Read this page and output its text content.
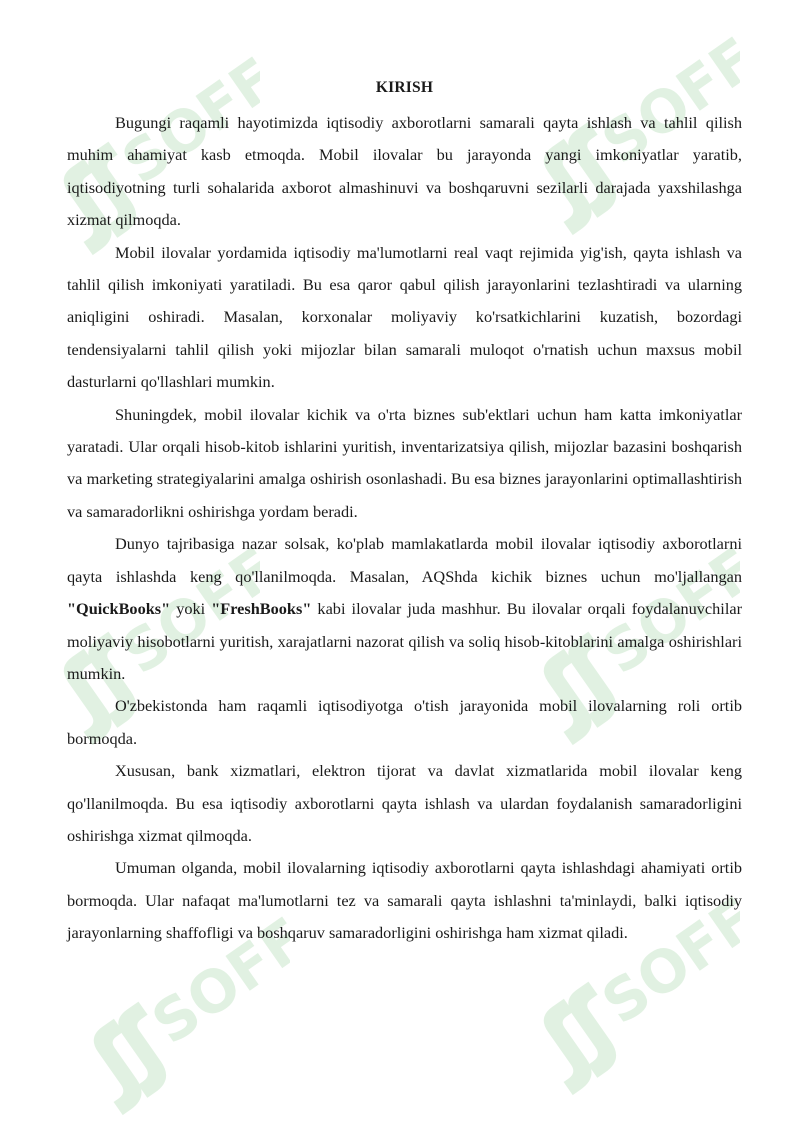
SOFF	SOFF
SOFF	SOFF
SOFF	SOFF
KIRISH

Bugungi raqamli hayotimizda iqtisodiy axborotlarni samarali qayta ishlash va tahlil qilish muhim ahamiyat kasb etmoqda. Mobil ilovalar bu jarayonda yangi imkoniyatlar yaratib, iqtisodiyotning turli sohalarida axborot almashinuvi va boshqaruvni sezilarli darajada yaxshilashga xizmat qilmoqda.

Mobil ilovalar yordamida iqtisodiy ma'lumotlarni real vaqt rejimida yig'ish, qayta ishlash va tahlil qilish imkoniyati yaratiladi. Bu esa qaror qabul qilish jarayonlarini tezlashtiradi va ularning aniqligini oshiradi. Masalan, korxonalar moliyaviy ko'rsatkichlarini kuzatish, bozordagi tendensiyalarni tahlil qilish yoki mijozlar bilan samarali muloqot o'rnatish uchun maxsus mobil dasturlarni qo'llashlari mumkin.

Shuningdek, mobil ilovalar kichik va o'rta biznes sub'ektlari uchun ham katta imkoniyatlar yaratadi. Ular orqali hisob-kitob ishlarini yuritish, inventarizatsiya qilish, mijozlar bazasini boshqarish va marketing strategiyalarini amalga oshirish osonlashadi. Bu esa biznes jarayonlarini optimallashtirish va samaradorlikni oshirishga yordam beradi.

Dunyo tajribasiga nazar solsak, ko'plab mamlakatlarda mobil ilovalar iqtisodiy axborotlarni qayta ishlashda keng qo'llanilmoqda. Masalan, AQShda kichik biznes uchun mo'ljallangan "QuickBooks" yoki "FreshBooks" kabi ilovalar juda mashhur. Bu ilovalar orqali foydalanuvchilar moliyaviy hisobotlarni yuritish, xarajatlarni nazorat qilish va soliq hisob-kitoblarini amalga oshirishlari mumkin.

O'zbekistonda ham raqamli iqtisodiyotga o'tish jarayonida mobil ilovalarning roli ortib bormoqda.

Xususan, bank xizmatlari, elektron tijorat va davlat xizmatlarida mobil ilovalar keng qo'llanilmoqda. Bu esa iqtisodiy axborotlarni qayta ishlash va ulardan foydalanish samaradorligini oshirishga xizmat qilmoqda.

Umuman olganda, mobil ilovalarning iqtisodiy axborotlarni qayta ishlashdagi ahamiyati ortib bormoqda. Ular nafaqat ma'lumotlarni tez va samarali qayta ishlashni ta'minlaydi, balki iqtisodiy jarayonlarning shaffofligi va boshqaruv samaradorligini oshirishga ham xizmat qiladi.
